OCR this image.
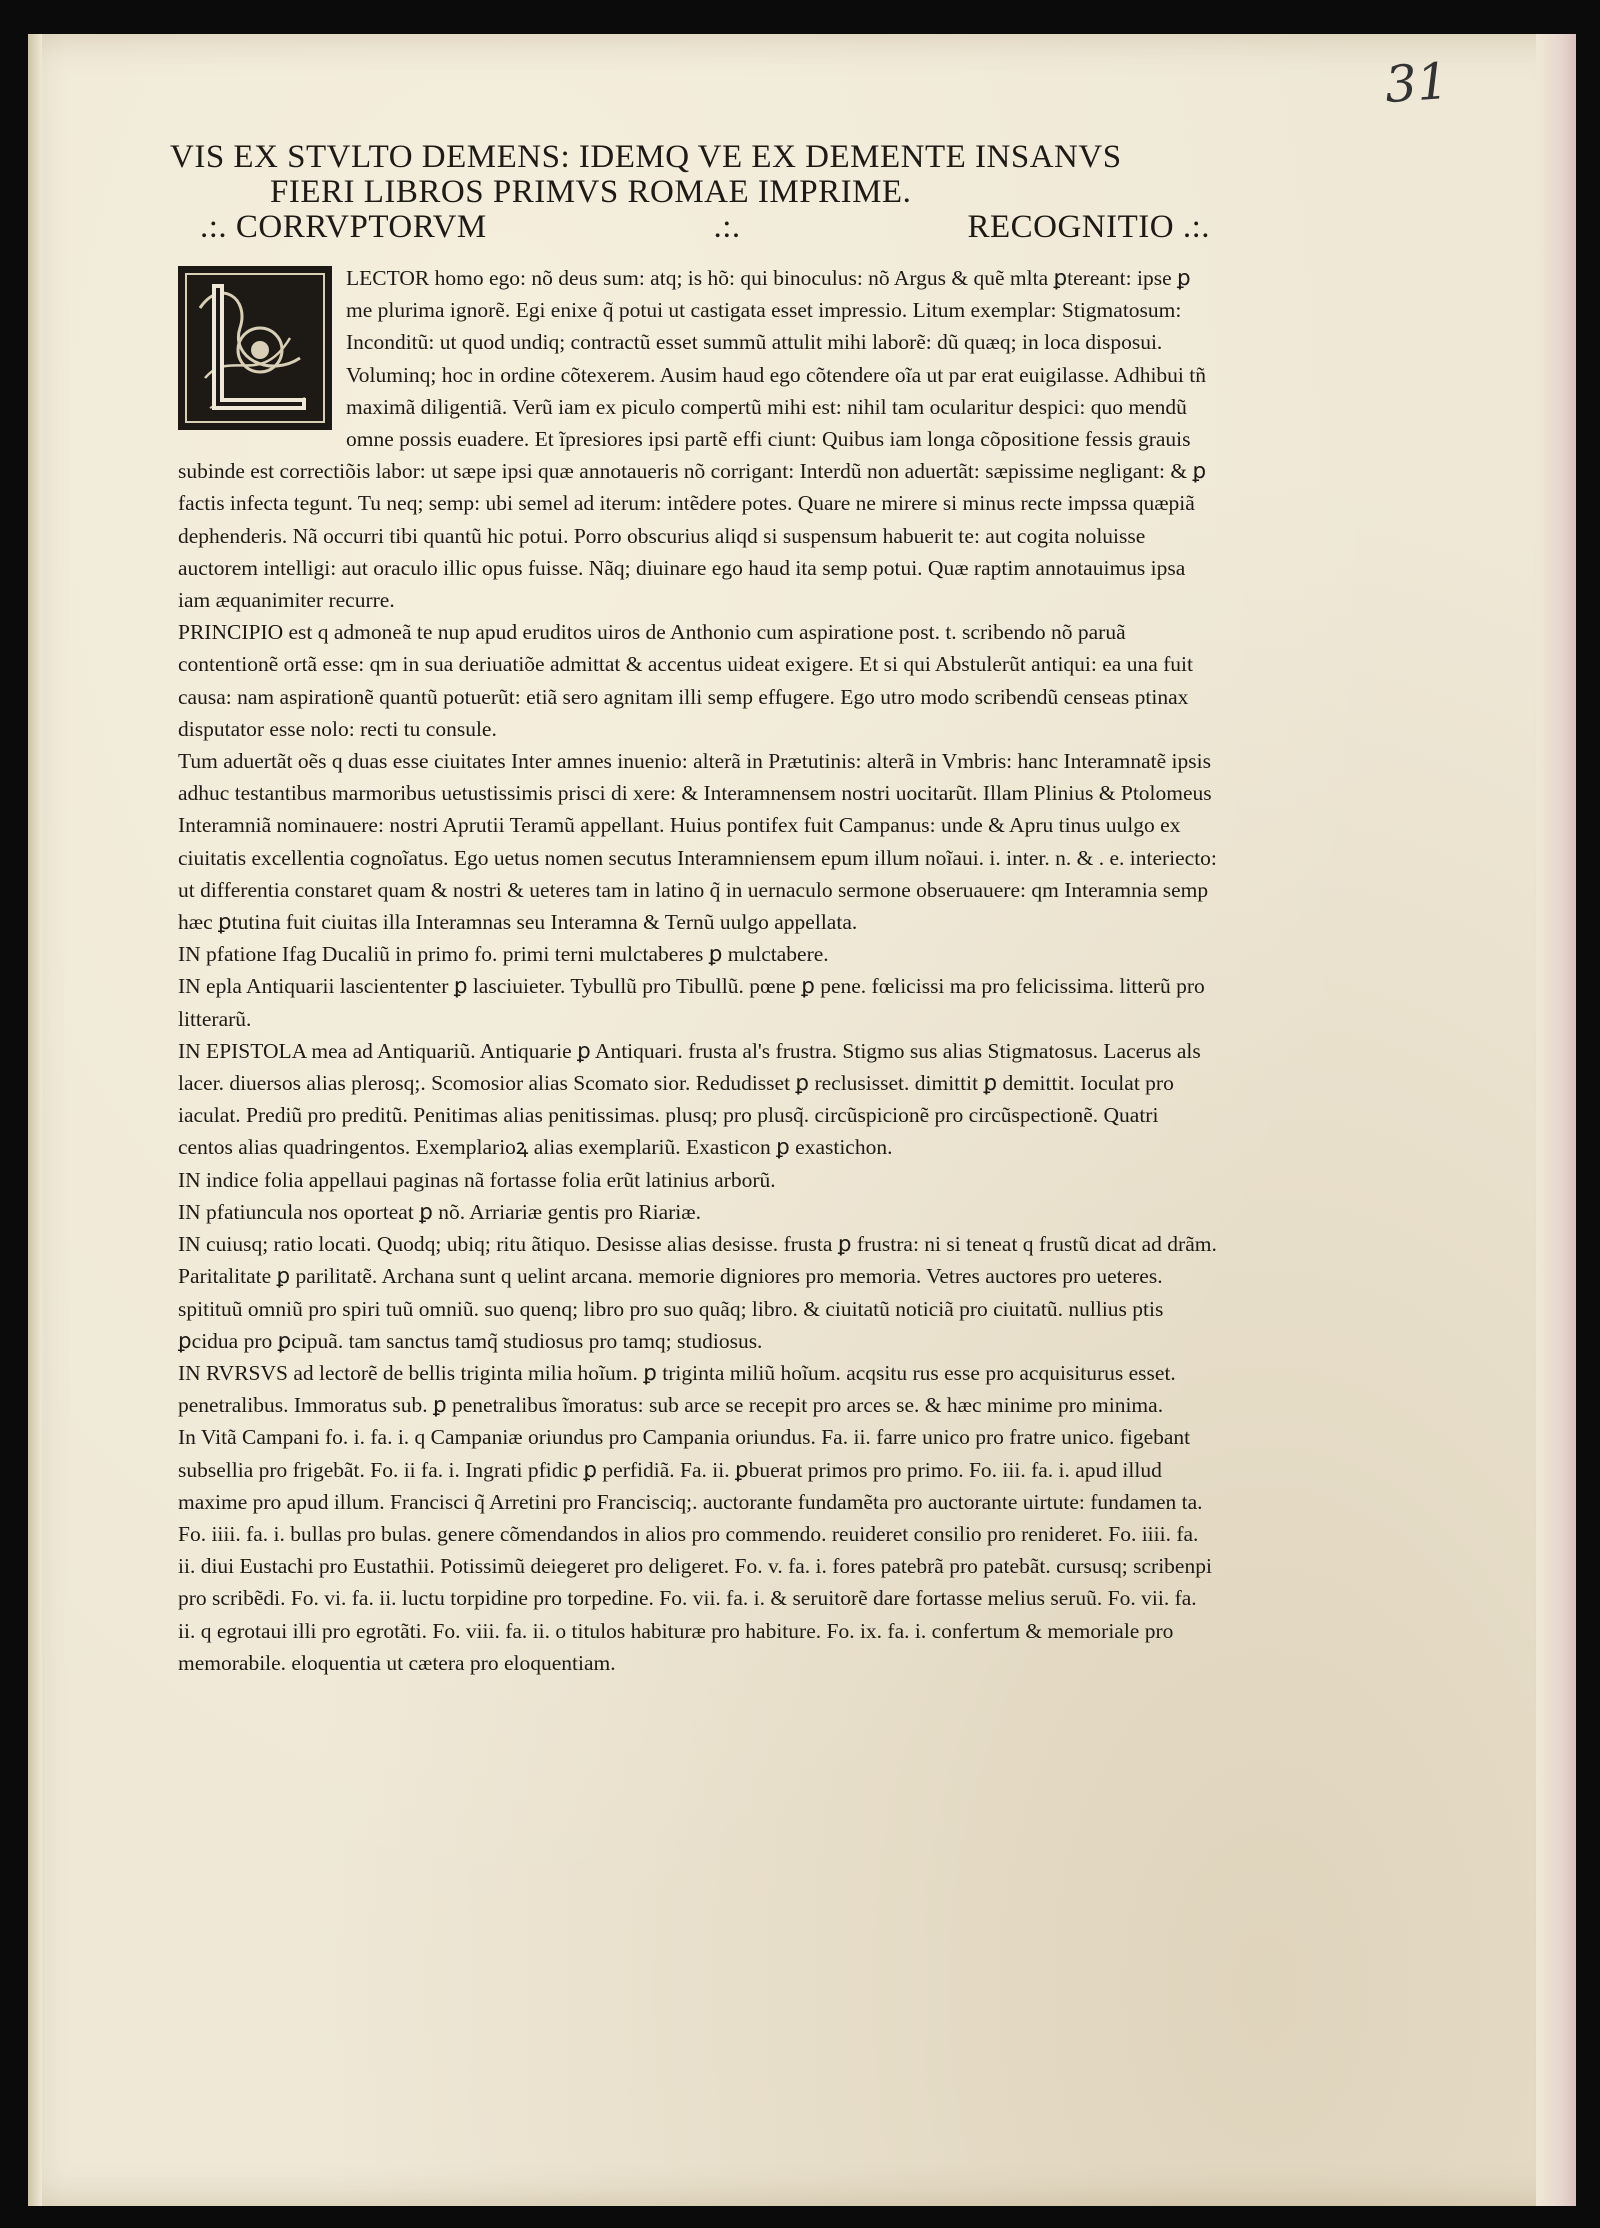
31
VIS EX STVLTO DEMENS: IDEMQ VE EX DEMENTE INSANVS
FIERI LIBROS PRIMVS ROMAE IMPRIME.
.:. CORRVPTORVM	.:.	RECOGNITIO .:.

LECTOR homo ego: nõ deus sum: atq; is hõ: qui binoculus: nõ Argus & quẽ mlta ꝑtereant: ipse ꝑ me plurima ignorẽ. Egi enixe q̃ potui ut castigata esset impressio. Litum exemplar: Stigmatosum: Inconditũ: ut quod undiq; contractũ esset summũ attulit mihi laborẽ: dũ quæq; in loca disposui. Voluminq; hoc in ordine cõtexerem. Ausim haud ego cõtendere oĩa ut par erat euigilasse. Adhibui tñ maximã diligentiã. Verũ iam ex piculo compertũ mihi est: nihil tam ocularitur despici: quo mendũ omne possis euadere. Et ĩpresiores ipsi partẽ effi ciunt: Quibus iam longa cõpositione fessis grauis subinde est correctiõis labor: ut sæpe ipsi quæ annotaueris nõ corrigant: Interdũ non aduertãt: sæpissime negligant: & ꝑ factis infecta tegunt. Tu neq; semp: ubi semel ad iterum: intẽdere potes. Quare ne mirere si minus recte impssa quæpiã dephenderis. Nã occurri tibi quantũ hic potui. Porro obscurius aliqd si suspensum habuerit te: aut cogita noluisse auctorem intelligi: aut oraculo illic opus fuisse. Nãq; diuinare ego haud ita semp potui. Quæ raptim annotauimus ipsa iam æquanimiter recurre.

PRINCIPIO est q admoneã te nup apud eruditos uiros de Anthonio cum aspiratione post. t. scribendo nõ paruã contentionẽ ortã esse: qm in sua deriuatiõe admittat & accentus uideat exigere. Et si qui Abstulerũt antiqui: ea una fuit causa: nam aspirationẽ quantũ potuerũt: etiã sero agnitam illi semp effugere. Ego utro modo scribendũ censeas ptinax disputator esse nolo: recti tu consule.

Tum aduertãt oẽs q duas esse ciuitates Inter amnes inuenio: alterã in Prætutinis: alterã in Vmbris: hanc Interamnatẽ ipsis adhuc testantibus marmoribus uetustissimis prisci di xere: & Interamnensem nostri uocitarũt. Illam Plinius & Ptolomeus Interamniã nominauere: nostri Aprutii Teramũ appellant. Huius pontifex fuit Campanus: unde & Apru tinus uulgo ex ciuitatis excellentia cognoĩatus. Ego uetus nomen secutus Interamniensem epum illum noĩaui. i. inter. n. & . e. interiecto: ut differentia constaret quam & nostri & ueteres tam in latino q̃ in uernaculo sermone obseruauere: qm Interamnia semp hæc ꝑtutina fuit ciuitas illa Interamnas seu Interamna & Ternũ uulgo appellata.

IN pfatione Ifag Ducaliũ in primo fo. primi terni mulctaberes ꝑ mulctabere.

IN epla Antiquarii lasciententer ꝑ lasciuieter. Tybullũ pro Tibullũ. pœne ꝑ pene. fœlicissi ma pro felicissima. litterũ pro litterarũ.

IN EPISTOLA mea ad Antiquariũ. Antiquarie ꝑ Antiquari. frusta al's frustra. Stigmo sus alias Stigmatosus. Lacerus als lacer. diuersos alias plerosq;. Scomosior alias Scomato sior. Redudisset ꝑ reclusisset. dimittit ꝑ demittit. Ioculat pro iaculat. Prediũ pro preditũ. Penitimas alias penitissimas. plusq; pro plusq̃. circũspicionẽ pro circũspectionẽ. Quatri centos alias quadringentos. Exemplarioꝝ alias exemplariũ. Exasticon ꝑ exastichon.

IN indice folia appellaui paginas nã fortasse folia erũt latinius arborũ.

IN pfatiuncula nos oporteat ꝑ nõ. Arriariæ gentis pro Riariæ.

IN cuiusq; ratio locati. Quodq; ubiq; ritu ãtiquo. Desisse alias desisse. frusta ꝑ frustra: ni si teneat q frustũ dicat ad drãm. Paritalitate ꝑ parilitatẽ. Archana sunt q uelint arcana. memorie digniores pro memoria. Vetres auctores pro ueteres. spitituũ omniũ pro spiri tuũ omniũ. suo quenq; libro pro suo quãq; libro. & ciuitatũ noticiã pro ciuitatũ. nullius ptis ꝑcidua pro ꝑcipuã. tam sanctus tamq̃ studiosus pro tamq; studiosus.

IN RVRSVS ad lectorẽ de bellis triginta milia hoĩum. ꝑ triginta miliũ hoĩum. acqsitu rus esse pro acquisiturus esset. penetralibus. Immoratus sub. ꝑ penetralibus ĩmoratus: sub arce se recepit pro arces se. & hæc minime pro minima.

In Vitã Campani fo. i. fa. i. q Campaniæ oriundus pro Campania oriundus. Fa. ii. farre unico pro fratre unico. figebant subsellia pro frigebãt. Fo. ii fa. i. Ingrati pfidic ꝑ perfidiã. Fa. ii. ꝑbuerat primos pro primo. Fo. iii. fa. i. apud illud maxime pro apud illum. Francisci q̃ Arretini pro Francisciq;. auctorante fundamẽta pro auctorante uirtute: fundamen ta. Fo. iiii. fa. i. bullas pro bulas. genere cõmendandos in alios pro commendo. reuideret consilio pro renideret. Fo. iiii. fa. ii. diui Eustachi pro Eustathii. Potissimũ deiegeret pro deligeret. Fo. v. fa. i. fores patebrã pro patebãt. cursusq; scribenpi pro scribẽdi. Fo. vi. fa. ii. luctu torpidine pro torpedine. Fo. vii. fa. i. & seruitorẽ dare fortasse melius seruũ. Fo. vii. fa. ii. q egrotaui illi pro egrotãti. Fo. viii. fa. ii. o titulos habituræ pro habiture. Fo. ix. fa. i. confertum & memoriale pro memorabile. eloquentia ut cætera pro eloquentiam.
